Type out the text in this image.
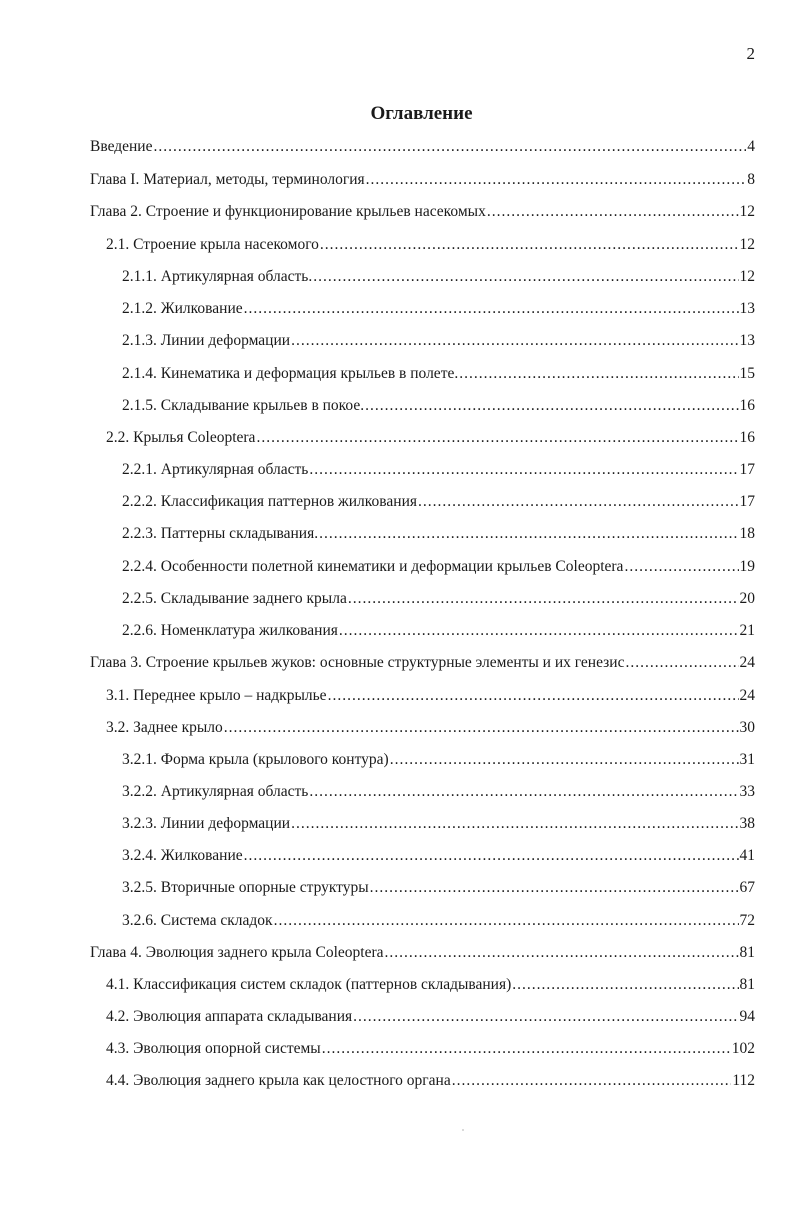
2
Оглавление
Введение .....	4
Глава I. Материал, методы, терминология .....	8
Глава 2. Строение и функционирование крыльев насекомых .....	12
2.1. Строение крыла насекомого .....	12
2.1.1. Артикулярная область. .....	12
2.1.2. Жилкование .....	13
2.1.3. Линии деформации .....	13
2.1.4. Кинематика и деформация крыльев в полете. .....	15
2.1.5. Складывание крыльев в покое. .....	16
2.2. Крылья Coleoptera .....	16
2.2.1. Артикулярная область .....	17
2.2.2. Классификация паттернов жилкования .....	17
2.2.3. Паттерны складывания. .....	18
2.2.4. Особенности полетной кинематики и деформации крыльев Coleoptera .....	19
2.2.5. Складывание заднего крыла .....	20
2.2.6. Номенклатура жилкования .....	21
Глава 3. Строение крыльев жуков: основные структурные элементы и их генезис .....	24
3.1. Переднее крыло – надкрылье .....	24
3.2. Заднее крыло .....	30
3.2.1. Форма крыла (крылового контура) .....	31
3.2.2. Артикулярная область .....	33
3.2.3. Линии деформации .....	38
3.2.4. Жилкование .....	41
3.2.5. Вторичные опорные структуры .....	67
3.2.6. Система складок .....	72
Глава 4. Эволюция заднего крыла Coleoptera .....	81
4.1. Классификация систем складок (паттернов складывания) .....	81
4.2. Эволюция аппарата складывания .....	94
4.3. Эволюция опорной системы .....	102
4.4. Эволюция заднего крыла как целостного органа .....	112
